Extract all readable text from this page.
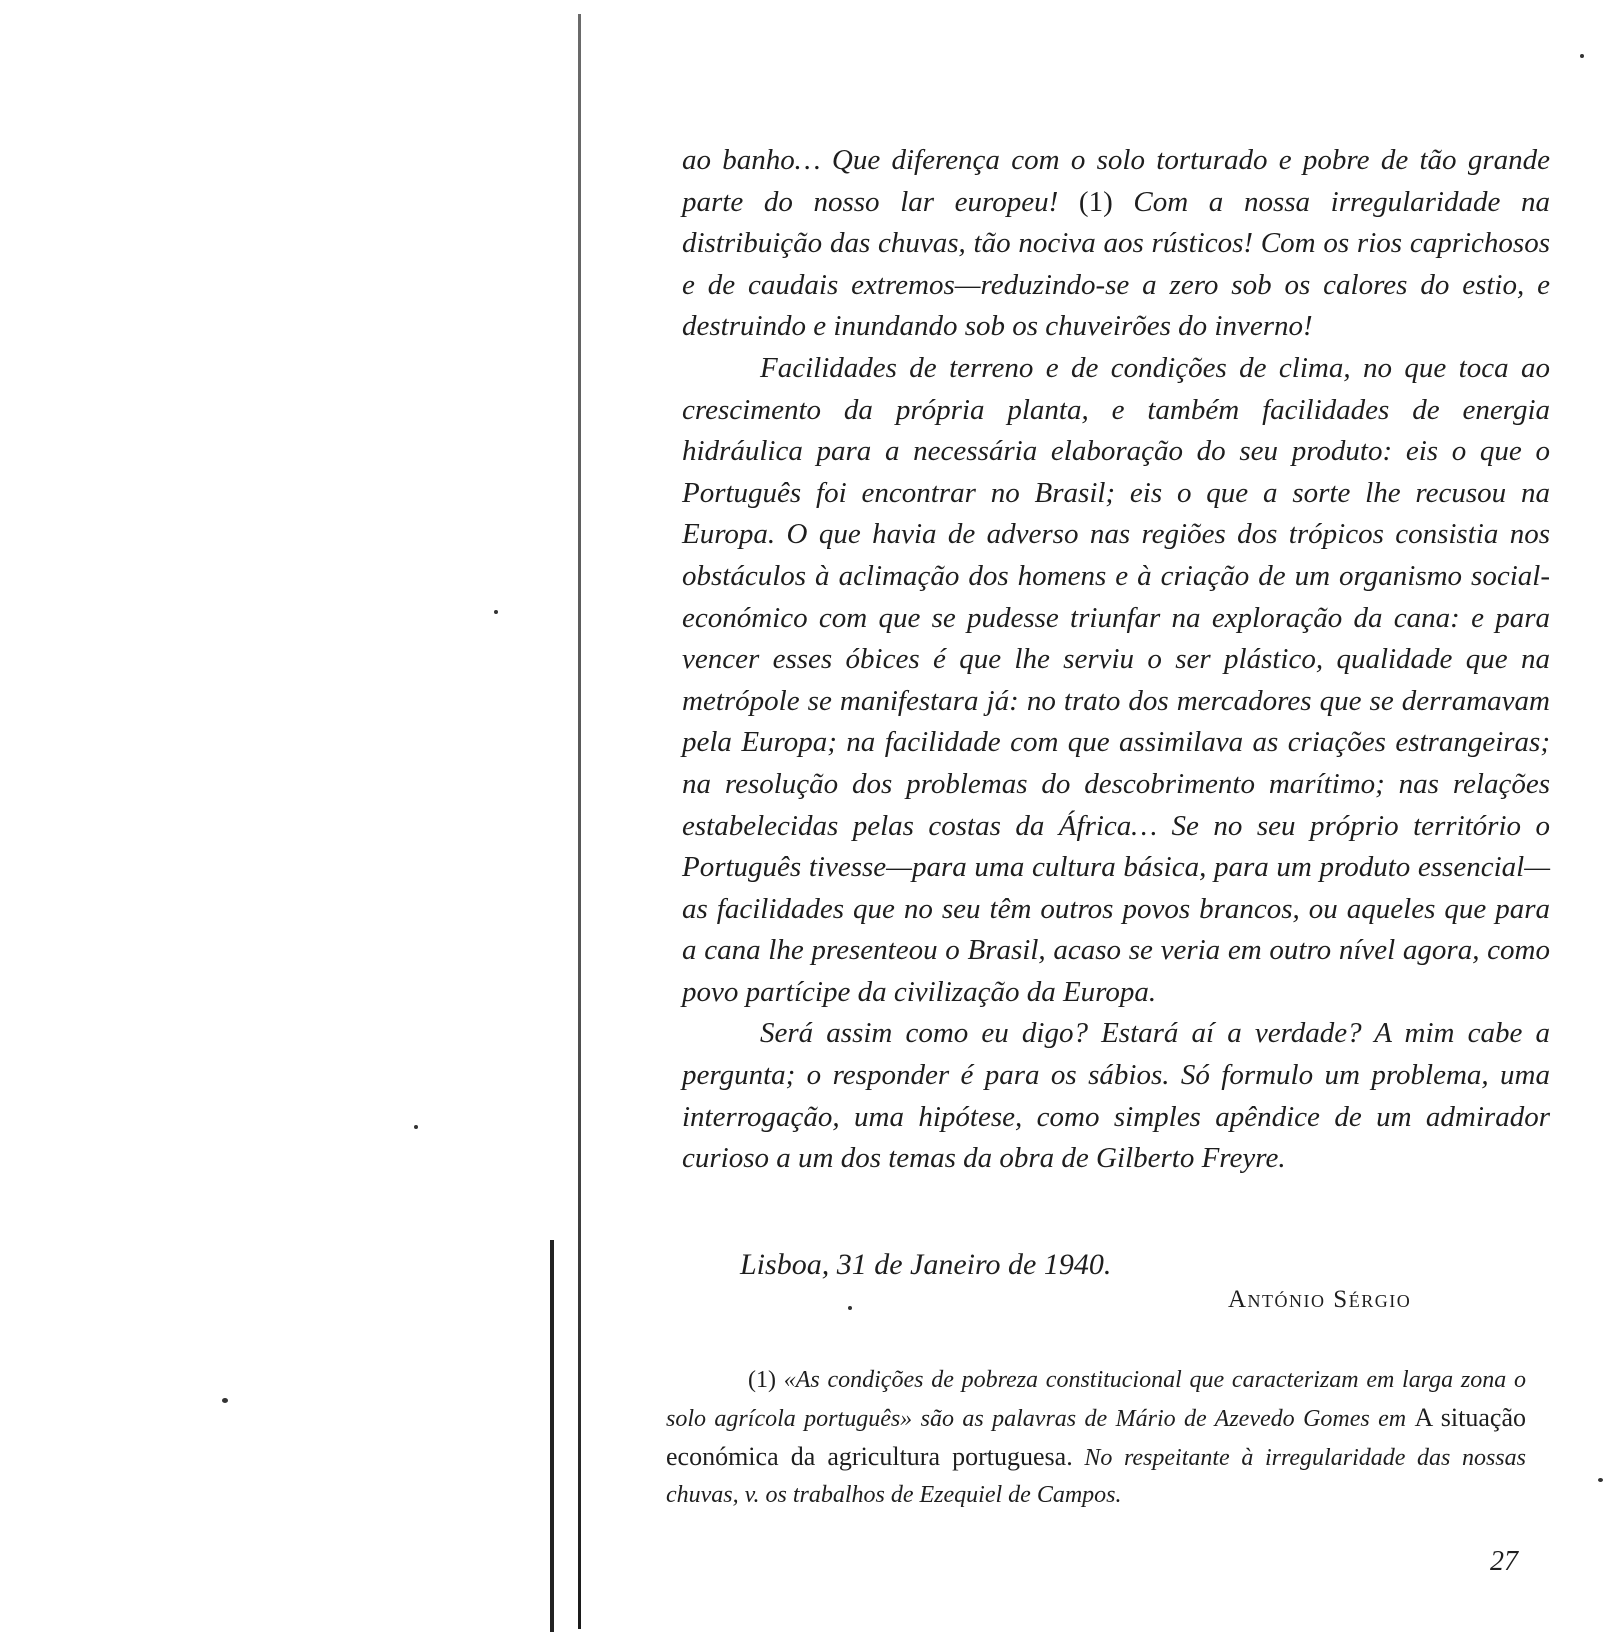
ao banho… Que diferença com o solo torturado e pobre de tão grande parte do nosso lar europeu! (1) Com a nossa irregularidade na distribuição das chuvas, tão nociva aos rústicos! Com os rios caprichosos e de caudais extremos—reduzindo-se a zero sob os calores do estio, e destruindo e inundando sob os chuveirões do inverno!

Facilidades de terreno e de condições de clima, no que toca ao crescimento da própria planta, e também facilidades de energia hidráulica para a necessária elaboração do seu produto: eis o que o Português foi encontrar no Brasil; eis o que a sorte lhe recusou na Europa. O que havia de adverso nas regiões dos trópicos consistia nos obstáculos à aclimação dos homens e à criação de um organismo social-económico com que se pudesse triunfar na exploração da cana: e para vencer esses óbices é que lhe serviu o ser plástico, qualidade que na metrópole se manifestara já: no trato dos mercadores que se derramavam pela Europa; na facilidade com que assimilava as criações estrangeiras; na resolução dos problemas do descobrimento marítimo; nas relações estabelecidas pelas costas da África… Se no seu próprio território o Português tivesse—para uma cultura básica, para um produto essencial—as facilidades que no seu têm outros povos brancos, ou aqueles que para a cana lhe presenteou o Brasil, acaso se veria em outro nível agora, como povo partícipe da civilização da Europa.

Será assim como eu digo? Estará aí a verdade? A mim cabe a pergunta; o responder é para os sábios. Só formulo um problema, uma interrogação, uma hipótese, como simples apêndice de um admirador curioso a um dos temas da obra de Gilberto Freyre.

Lisboa, 31 de Janeiro de 1940.
António Sérgio
(1) «As condições de pobreza constitucional que caracterizam em larga zona o solo agrícola português» são as palavras de Mário de Azevedo Gomes em A situação económica da agricultura portuguesa. No respeitante à irregularidade das nossas chuvas, v. os trabalhos de Ezequiel de Campos.
27
